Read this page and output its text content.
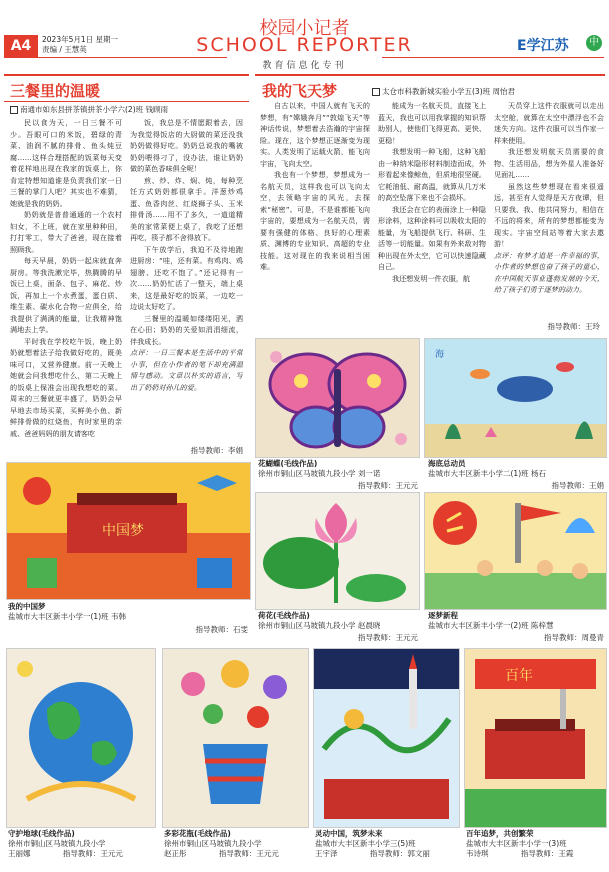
A4	2023年5月1日 星期一
责编 / 王慧英
校园小记者
SCHOOL REPORTER
教育信息化专刊
E学江苏	中
三餐里的温暖
南通市如东县拼茶镇拼茶小学六(2)班 钱顾雨

民以食为天，一日三餐不可少。吾眼可口的米饭，碧绿的青菜、油润不腻的排骨、鱼头炖豆腐……这样合理搭配的饭菜每天变着花样地出现在我家的饭桌上，你肯定特想知道谁是负责我们家一日三餐的掌门人吧？其实也不难猜，她就是我的奶奶。

奶奶就是普普通通的一个农村妇女，不上班，就在家里种种田，打打零工，带大了爸爸，现在接着照顾我。

每天早晨，奶奶一起床就直奔厨房。等我洗漱完毕，热腾腾的早饭已上桌，面条、包子、麻花、炒饭，再加上一个水煮蛋，蛋白质、维生素、碳水化合物一应俱全，给我提供了满满的能量，让我精神饱满地去上学。

平时我在学校吃午饭，晚上奶奶就想着法子给我做好吃的，既美味可口，又营养健康。前一天晚上她就会问我想吃什么，第二天晚上的饭桌上保准会出现我想吃的菜。周末的三餐就更丰盛了，奶奶会早早地去市场买菜，买鲜美小鱼、新鲜排骨做的红烧鱼，有时家里的亲戚、爸爸妈妈的朋友请客吃

饭，我总是不情愿跟着去，因为我觉得饭店的大厨做的菜还没我奶奶做得好吃。奶奶总说我的嘴被奶奶喂得刁了，没办法，谁让奶奶做的菜色香味俱全呢！

煎、炒、炸、焖、炖，每种烹饪方式奶奶都很拿手。洋葱炒鸡蛋、鱼香肉丝、红烧狮子头、玉米排骨汤……用不了多久，一道道精美的家常菜便上桌了，我吃了还想再吃，筷子都不舍得放下。

下午放学后，我迫不及待地跑进厨房：“哇，还有菜。有鸡肉、鸡翅膀、还吃不饱了。”还记得有一次……奶奶忙活了一整天，端上桌来，这是最好吃的饭菜，一边吃一边说太好吃了。

三餐里的温暖如缕缕阳光，洒在心田；奶奶的关爱如涓涓细流，伴我成长。

点评：一日三餐本是生活中的平常小事，但在小作者的笔下却充满温情与感动。文章以朴实的语言，写出了奶奶对孙儿的爱。

指导教师：李娟
我的飞天梦	太仓市科教新城实验小学五(3)班 周怡君

自古以来，中国人就有飞天的梦想，有“嫦娥奔月”“敦煌飞天”等神话传说，梦想着去浩瀚的宇宙探险。现在，这个梦想正逐渐变为现实。人类发明了运载火箭，能飞向宇宙，飞向太空。

我也有一个梦想，梦想成为一名航天员，这样我也可以飞向太空，去领略宇宙的风光，去探索“秘密”。可是，不是谁都能飞向宇宙的，要想成为一名航天员，需要有强健的体格、良好的心理素质、渊博的专业知识、高超的专业技能。这对现在的我来说相当困难。

能成为一名航天员，直接飞上蓝天，我也可以用我掌握的知识帮助别人，使他们飞得更高、更快、更稳！

我想发明一种飞船，这种飞船由一种纳米隐形材料制造而成，外形看起来像鲸鱼，但质地很坚硬。它耗油低、耐高温，就算从几万米的高空坠落下来也不会损坏。

我还会在它的表面涂上一种隐形涂料，这种涂料可以吸收太阳的能量，为飞船提供飞行、科研、生活等一切能量。如果有外来敌对物种出现在外太空，它可以快速隐藏自己。

我还想发明一件衣服，航

天员穿上这件衣服就可以走出太空舱，就算在太空中漂浮也不会迷失方向。这件衣服可以当作家一样来使用。

我还想发明航天员需要的食物、生活用品，想为外星人准备好见面礼……

虽然这些梦想现在看来很遥远，甚至有人觉得是天方夜谭，但只要我、我、他共同努力，相信在不远的将来，所有的梦想都能变为现实。宇宙空间站等着大家去遨游！

点评：有梦才追是一件幸福的事，小作者的梦想也奋了孩子的童心，在中国航天事业蓬勃发展的今天，给了孩子们勇于逐梦的动力。

指导教师：王玲
花蝴蝶(毛线作品)
徐州市铜山区马坡镇九段小学 刘一诺
指导教师：王元元
海
海底总动员
盐城市大丰区新丰小学二(1)班 杨石
指导教师：王娟
中国梦
我的中国梦
盐城市大丰区新丰小学一(1)班 韦韩
指导教师：石雯
荷花(毛线作品)
徐州市铜山区马坡镇九段小学 赵晨晓
指导教师：王元元
逐梦新程
盐城市大丰区新丰小学一(2)班 陈梓慧
指导教师：周曼青
守护地球(毛线作品)
徐州市铜山区马坡镇九段小学
王丽娜	指导教师：王元元
多彩花瓶(毛线作品)
徐州市铜山区马坡镇九段小学
赵正彤	指导教师：王元元
灵动中国，筑梦未来
盐城市大丰区新丰小学三(5)班
王宇泽	指导教师：郭文丽
百年
百年追梦，共创繁荣
盐城市大丰区新丰小学一(3)班
韦诗琪	指导教师：王霞
